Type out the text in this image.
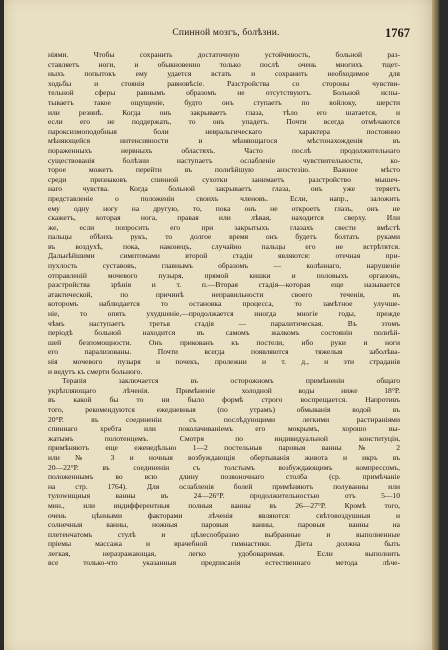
Спинной мозгъ, болѣзни.	1767
ніями. Чтобы сохранить достаточную устойчивость, больной раз-
ставляетъ ноги, и обыкновенно только послѣ очень многихъ тщет-
ныхъ попытокъ ему удается встать и сохранить необходимое для
ходьбы и стоянія равновѣсіе. Разстройства со стороны чувстви-
тельной сферы равнымъ образомъ не отсутствуютъ. Больной испы-
тываетъ такое ощущеніе, будто онъ ступаетъ по войлоку, шерсти
или резинѣ. Когда онъ закрываетъ глаза, тѣло его шатается, и
если его не поддержать, то онъ упадетъ. Почти всегда отмѣчаются
пароксизмоподобныя боли невральгическаго характера постоянно
мѣняющейся интенсивности и мѣняющагося мѣстонахожденія въ
пораженныхъ нервныхъ областяхъ. Часто послѣ продолжительнаго
существованія болѣзни наступаетъ ослабленіе чувствительности, ко-
торое можетъ перейти въ полнѣйшую анэстезію. Важное мѣсто
среди признаковъ спинной сухотки занимаетъ разстройство мышеч-
наго чувства. Когда больной закрываетъ глаза, онъ уже теряетъ
представленіе о положеніи своихъ членовъ. Если, напр., заложить
ему одну ногу на другую, то, пока онъ не откроетъ глазъ, онъ не
скажетъ, которая нога, правая или лѣвая, находится сверху. Или
же, если попросить его при закрытыхъ глазахъ свести вмѣстѣ
пальцы обѣихъ рукъ, то долгое время онъ будетъ болтать руками
въ воздухѣ, пока, наконецъ, случайно пальцы его не встрѣтятся.
Дальнѣйшими симптомами второй стадіи являются: отечная при-
пухлость суставовъ, главнымъ образомъ — колѣннаго, нарушеніе
отправленій мочевого пузыря, прямой кишки и половыхъ органовъ,
разстройства зрѣнія и т. п.—Вторая стадія—которая еще называется
атактической, по причинѣ неправильности своего теченія, въ
которомъ наблюдается то остановка процесса, то замѣтное улучше-
ніе, то опять ухудшеніе,—продолжается иногда многіе годы, прежде
чѣмъ наступаетъ третья стадія — паралитическая. Въ этомъ
періодѣ больной находится въ самомъ жалкомъ состояніи полнѣй-
шей безпомощности. Онъ прикованъ къ постели, ибо руки и ноги
его парализованы. Почти всегда появляются тяжелыя заболѣва-
нія мочевого пузыря и почекъ, пролежни и т. д., и эти страданія
и ведутъ къ смерти больного.
Терапія заключается въ осторожномъ примѣненіи общаго
укрѣпляющаго лѣченія. Примѣненіе холодной воды ниже 18°Р.
въ какой бы то ни было формѣ строго воспрещается. Напротивъ
того, рекомендуются ежедневныя (по утрамъ) обмыванія водой въ
20°Р. въ соединеніи съ послѣдующими легкими растираніями
спиннаго хребта или поколачиваніемъ его мокрымъ, хорошо вы-
жатымъ полотенцемъ. Смотря по индивидуальной конституціи,
примѣняютъ еще еженедѣльно 1—2 постельныя паровыя ванны № 2
или № 3 и ночныя возбуждающія обертыванія живота и икръ въ
20—22°Р. въ соединеніи съ толстымъ возбуждающимъ компрессомъ,
положеннымъ во всю длину позвоночнаго столба (ср. примѣчаніе
на стр. 1764). Для ослабленія болей примѣняютъ полуванны или
тулowищныя ванны въ 24—26°Р. продолжительностью отъ 5—10
мин., или индифферентныя полныя ванны въ 26—27°Р. Кромѣ того,
очень цѣнными факторами лѣченія являются: свѣтовоздушныя и
солнечныя ванны, ножныя паровыя ванны, паровыя ванны на
плетенчатомъ стулѣ и цѣлесообразно выбранные и выполненные
пріемы массажа и врачебной гимнастики. Діета должна быть
легкая, неразражающая, легко удобоваримая. Если выполнить
все только-что указанныя предписанія естественнаго метода лѣче-
